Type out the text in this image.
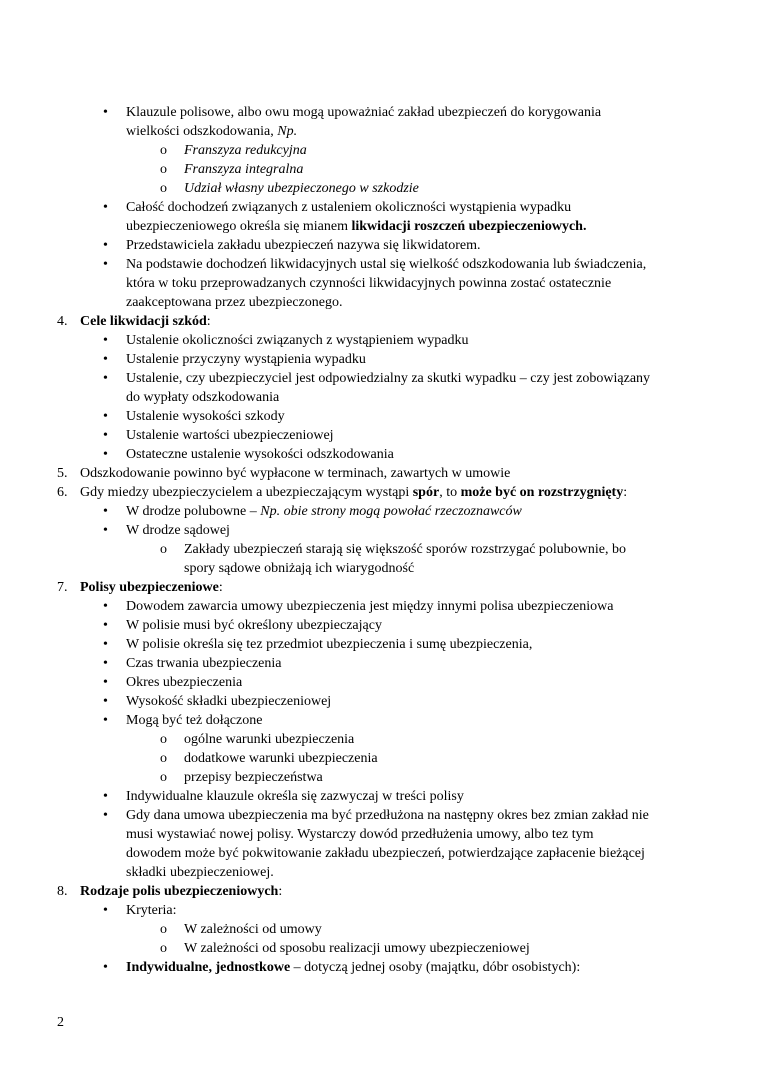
• Klauzule polisowe, albo owu mogą upoważniać zakład ubezpieczeń do korygowania
wielkości odszkodowania, Np.
o Franszyza redukcyjna
o Franszyza integralna
o Udział własny ubezpieczonego w szkodzie
• Całość dochodzeń związanych z ustaleniem okoliczności wystąpienia wypadku
ubezpieczeniowego określa się mianem likwidacji roszczeń ubezpieczeniowych.
• Przedstawiciela zakładu ubezpieczeń nazywa się likwidatorem.
• Na podstawie dochodzeń likwidacyjnych ustal się wielkość odszkodowania lub świadczenia,
która w toku przeprowadzanych czynności likwidacyjnych powinna zostać ostatecznie
zaakceptowana przez ubezpieczonego.
4. Cele likwidacji szkód:
• Ustalenie okoliczności związanych z wystąpieniem wypadku
• Ustalenie przyczyny wystąpienia wypadku
• Ustalenie, czy ubezpieczyciel jest odpowiedzialny za skutki wypadku – czy jest zobowiązany
do wypłaty odszkodowania
• Ustalenie wysokości szkody
• Ustalenie wartości ubezpieczeniowej
• Ostateczne ustalenie wysokości odszkodowania
5. Odszkodowanie powinno być wypłacone w terminach, zawartych w umowie
6. Gdy miedzy ubezpieczycielem a ubezpieczającym wystąpi spór, to może być on rozstrzygnięty:
• W drodze polubowne – Np. obie strony mogą powołać rzeczoznawców
• W drodze sądowej
o Zakłady ubezpieczeń starają się większość sporów rozstrzygać polubownie, bo
spory sądowe obniżają ich wiarygodność
7. Polisy ubezpieczeniowe:
• Dowodem zawarcia umowy ubezpieczenia jest między innymi polisa ubezpieczeniowa
• W polisie musi być określony ubezpieczający
• W polisie określa się tez przedmiot ubezpieczenia i sumę ubezpieczenia,
• Czas trwania ubezpieczenia
• Okres ubezpieczenia
• Wysokość składki ubezpieczeniowej
• Mogą być też dołączone
o ogólne warunki ubezpieczenia
o dodatkowe warunki ubezpieczenia
o przepisy bezpieczeństwa
• Indywidualne klauzule określa się zazwyczaj w treści polisy
• Gdy dana umowa ubezpieczenia ma być przedłużona na następny okres bez zmian zakład nie
musi wystawiać nowej polisy. Wystarczy dowód przedłużenia umowy, albo tez tym
dowodem może być pokwitowanie zakładu ubezpieczeń, potwierdzające zapłacenie bieżącej
składki ubezpieczeniowej.
8. Rodzaje polis ubezpieczeniowych:
• Kryteria:
o W zależności od umowy
o W zależności od sposobu realizacji umowy ubezpieczeniowej
• Indywidualne, jednostkowe – dotyczą jednej osoby (majątku, dóbr osobistych):
2
